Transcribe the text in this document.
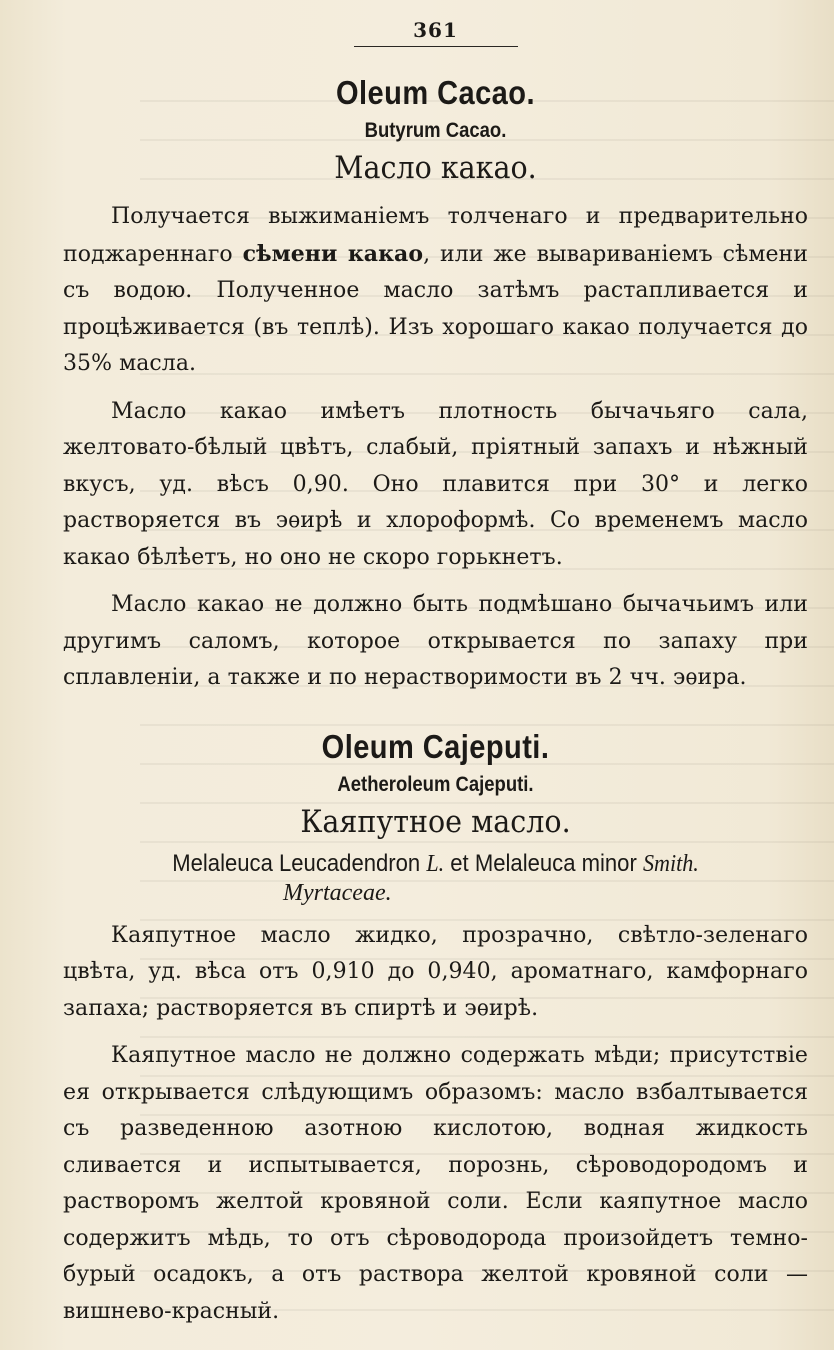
361
Oleum Cacao.
Butyrum Cacao.
Масло какао.

Получается выжиманіемъ толченаго и предварительно поджареннаго сѣмени какао, или же вывариваніемъ сѣмени съ водою. Полученное масло затѣмъ растапливается и процѣживается (въ теплѣ). Изъ хорошаго какао получается до 35% масла.

Масло какао имѣетъ плотность бычачьяго сала, желтовато-бѣлый цвѣтъ, слабый, пріятный запахъ и нѣжный вкусъ, уд. вѣсъ 0,90. Оно плавится при 30° и легко растворяется въ эѳирѣ и хлороформѣ. Со временемъ масло какао бѣлѣетъ, но оно не скоро горькнетъ.

Масло какао не должно быть подмѣшано бычачьимъ или другимъ саломъ, которое открывается по запаху при сплавленіи, а также и по нерастворимости въ 2 чч. эѳира.

Oleum Cajeputi.
Aetheroleum Cajeputi.
Каяпутное масло.
Melaleuca Leucadendron L. et Melaleuca minor Smith.
Myrtaceae.

Каяпутное масло жидко, прозрачно, свѣтло-зеленаго цвѣта, уд. вѣса отъ 0,910 до 0,940, ароматнаго, камфорнаго запаха; растворяется въ спиртѣ и эѳирѣ.

Каяпутное масло не должно содержать мѣди; присутствіе ея открывается слѣдующимъ образомъ: масло взбалтывается съ разведенною азотною кислотою, водная жидкость сливается и испытывается, порознь, сѣроводородомъ и растворомъ желтой кровяной соли. Если каяпутное масло содержитъ мѣдь, то отъ сѣроводорода произойдетъ темно-бурый осадокъ, а отъ раствора желтой кровяной соли — вишнево-красный.
